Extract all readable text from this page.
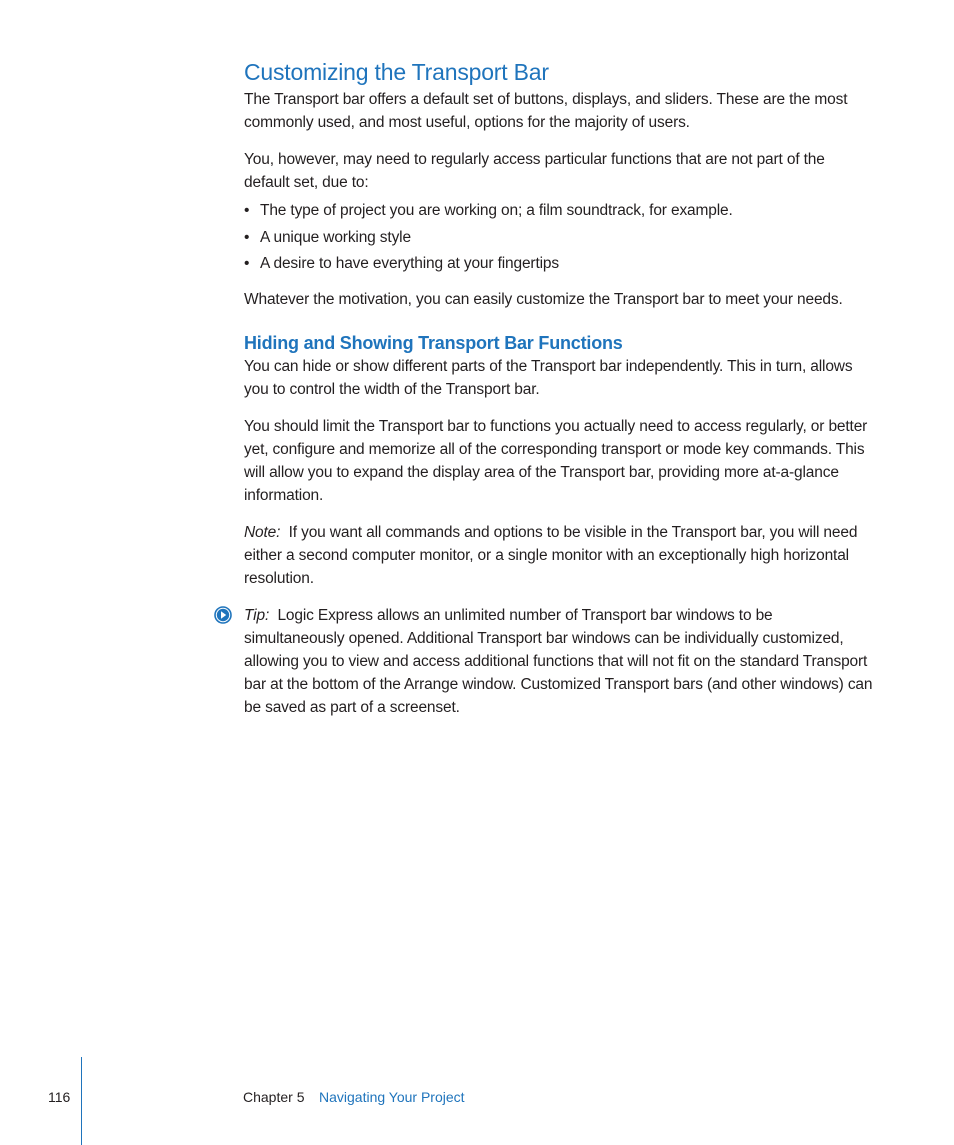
Customizing the Transport Bar

The Transport bar offers a default set of buttons, displays, and sliders. These are the most commonly used, and most useful, options for the majority of users.

You, however, may need to regularly access particular functions that are not part of the default set, due to:

• The type of project you are working on; a film soundtrack, for example.
• A unique working style
• A desire to have everything at your fingertips

Whatever the motivation, you can easily customize the Transport bar to meet your needs.

Hiding and Showing Transport Bar Functions

You can hide or show different parts of the Transport bar independently. This in turn, allows you to control the width of the Transport bar.

You should limit the Transport bar to functions you actually need to access regularly, or better yet, configure and memorize all of the corresponding transport or mode key commands. This will allow you to expand the display area of the Transport bar, providing more at-a-glance information.

Note: If you want all commands and options to be visible in the Transport bar, you will need either a second computer monitor, or a single monitor with an exceptionally high horizontal resolution.

Tip: Logic Express allows an unlimited number of Transport bar windows to be simultaneously opened. Additional Transport bar windows can be individually customized, allowing you to view and access additional functions that will not fit on the standard Transport bar at the bottom of the Arrange window. Customized Transport bars (and other windows) can be saved as part of a screenset.

116	Chapter 5 Navigating Your Project
